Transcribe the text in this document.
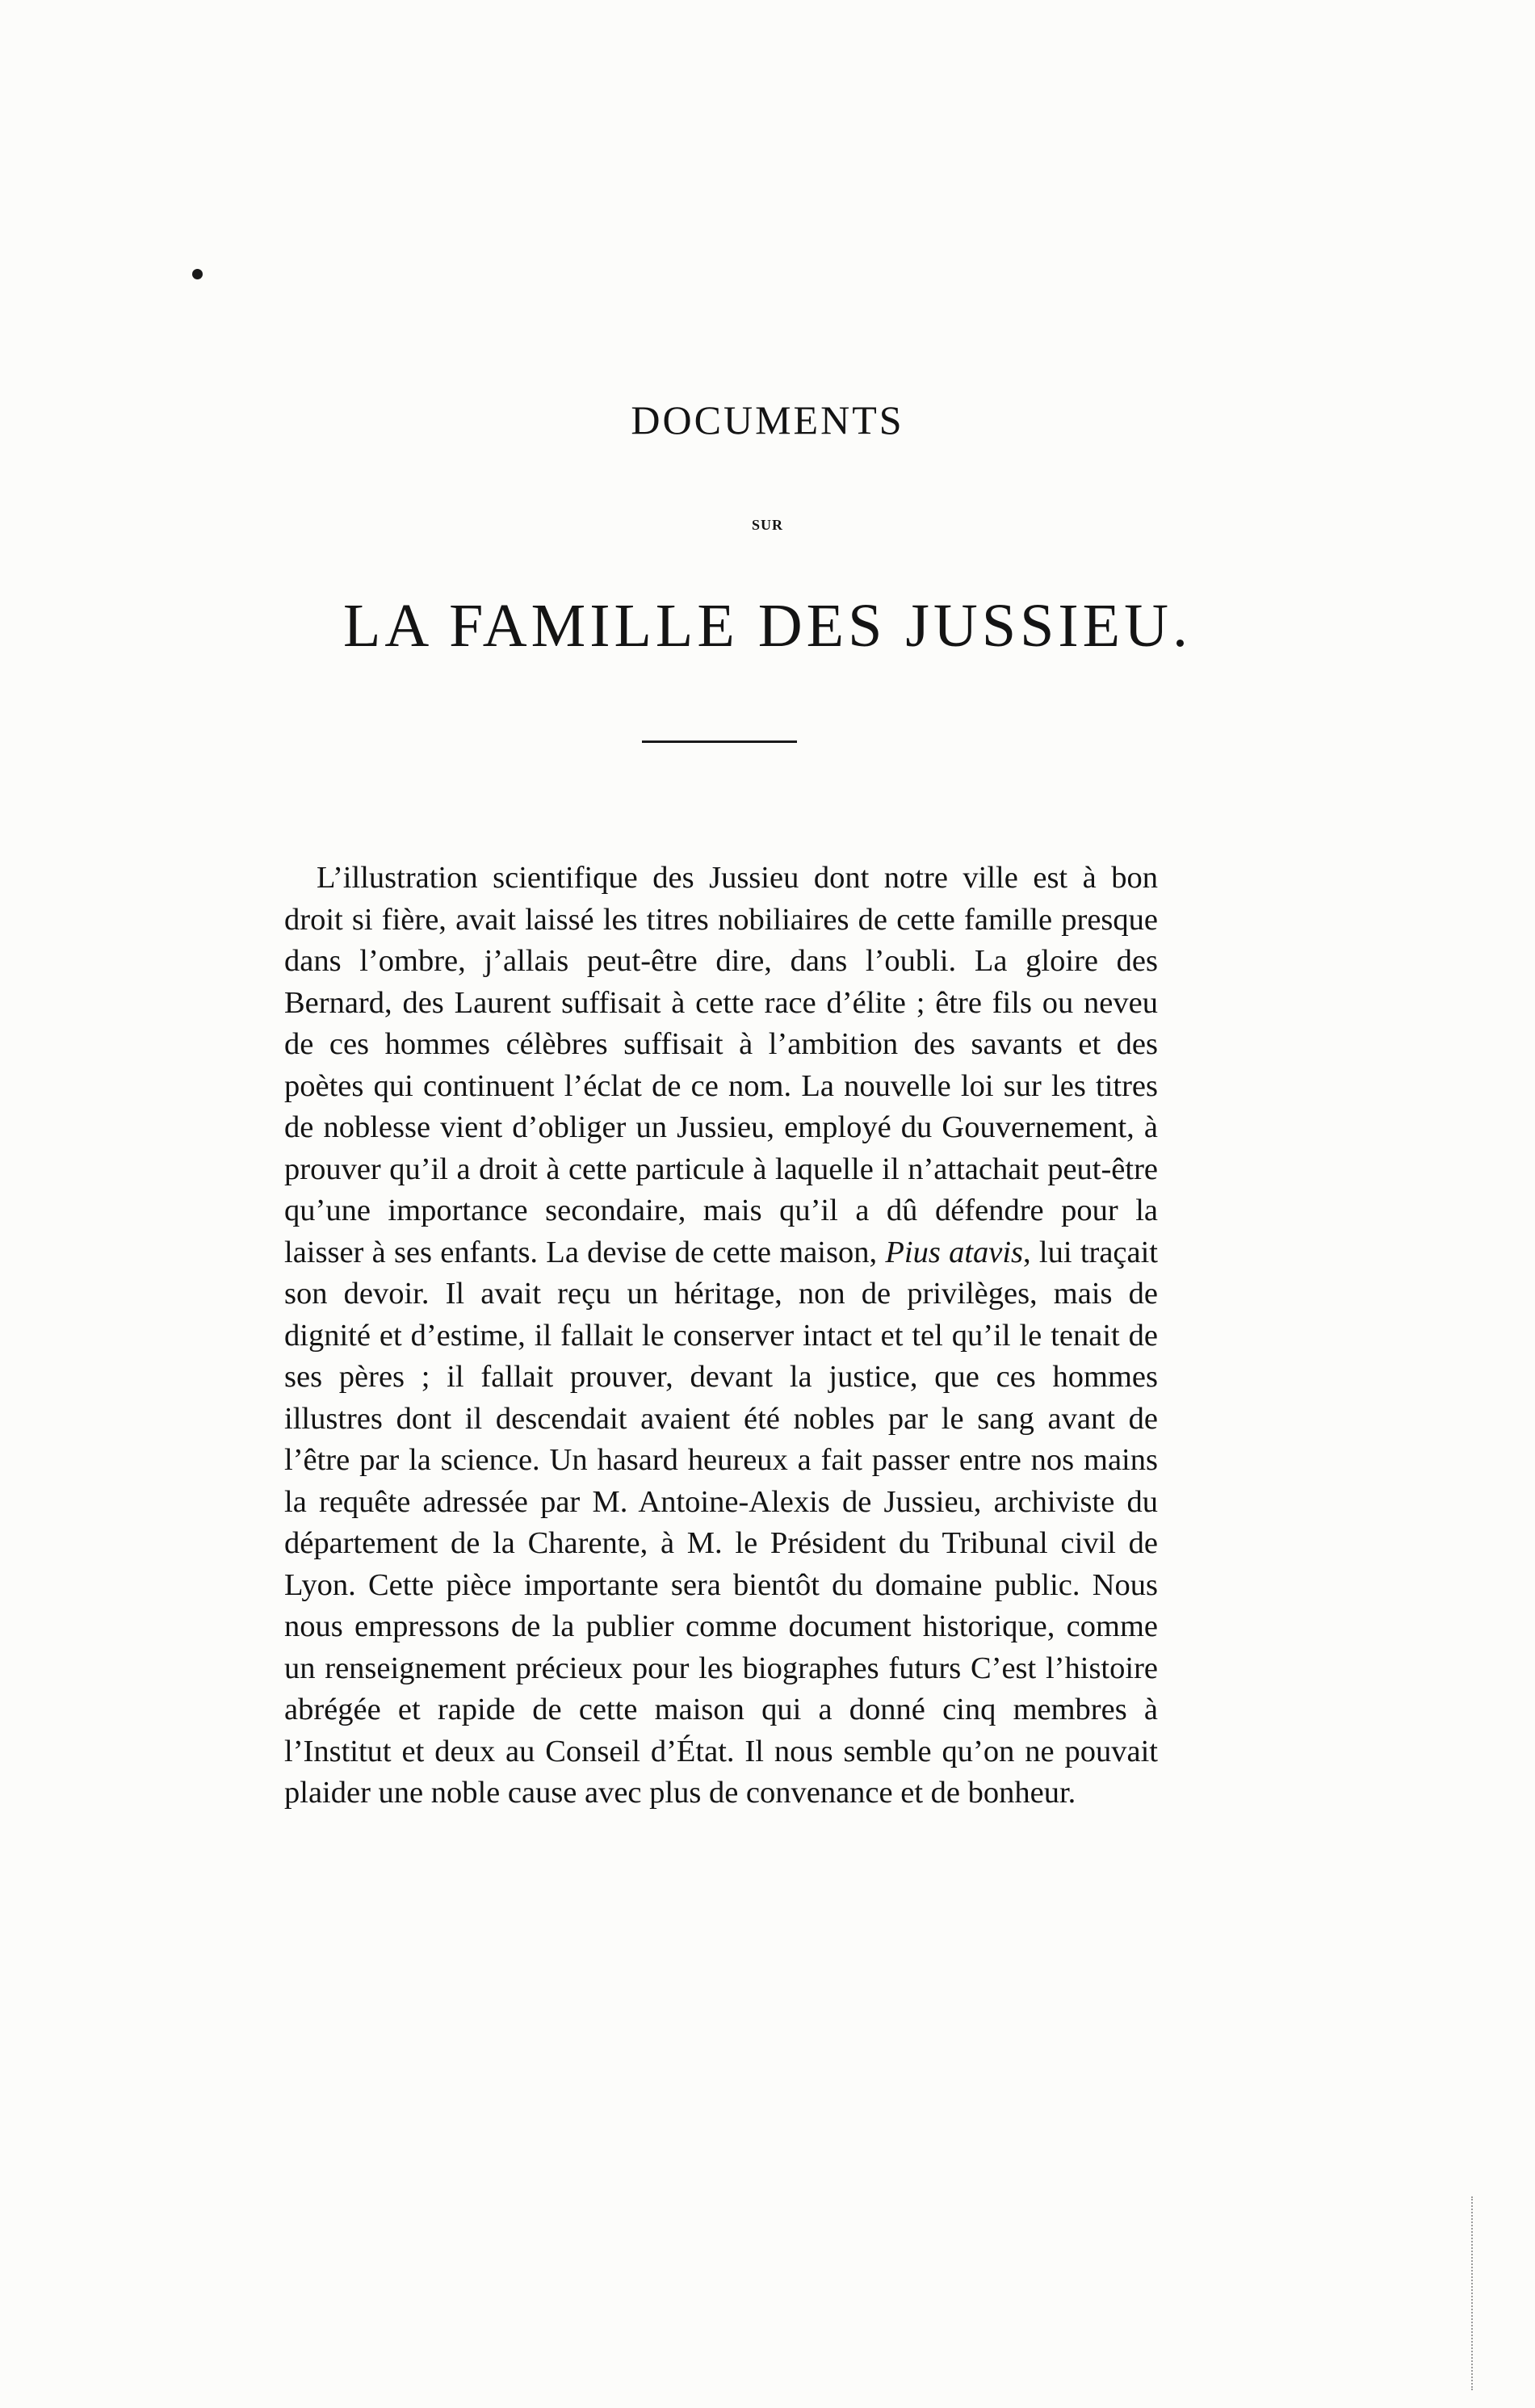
DOCUMENTS
SUR
LA FAMILLE DES JUSSIEU.

L’illustration scientifique des Jussieu dont notre ville est à bon droit si fière, avait laissé les titres nobiliaires de cette famille presque dans l’ombre, j’allais peut-être dire, dans l’oubli. La gloire des Bernard, des Laurent suffisait à cette race d’élite ; être fils ou neveu de ces hommes célèbres suffisait à l’ambition des savants et des poètes qui continuent l’éclat de ce nom. La nouvelle loi sur les titres de noblesse vient d’obliger un Jussieu, employé du Gouvernement, à prouver qu’il a droit à cette particule à laquelle il n’attachait peut-être qu’une importance secondaire, mais qu’il a dû défendre pour la laisser à ses enfants. La devise de cette maison, Pius atavis, lui traçait son devoir. Il avait reçu un héritage, non de privilèges, mais de dignité et d’estime, il fallait le conserver intact et tel qu’il le tenait de ses pères ; il fallait prouver, devant la justice, que ces hommes illustres dont il descendait avaient été nobles par le sang avant de l’être par la science. Un hasard heureux a fait passer entre nos mains la requête adressée par M. Antoine-Alexis de Jussieu, archiviste du département de la Charente, à M. le Président du Tribunal civil de Lyon. Cette pièce importante sera bientôt du domaine public. Nous nous empressons de la publier comme document historique, comme un renseignement précieux pour les biographes futurs C’est l’histoire abrégée et rapide de cette maison qui a donné cinq membres à l’Institut et deux au Conseil d’État. Il nous semble qu’on ne pouvait plaider une noble cause avec plus de convenance et de bonheur.
